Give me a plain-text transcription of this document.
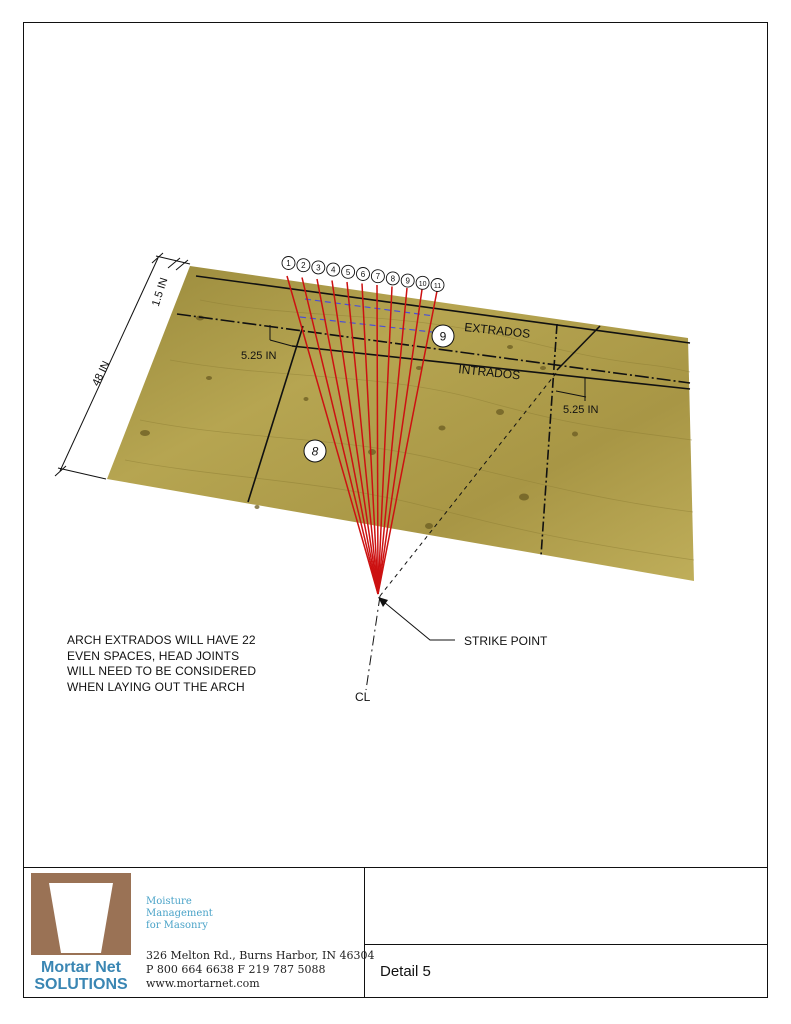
48 IN
1.5 IN
5.25 IN
5.25 IN
1 2 3 4 5 6 7 8 9 10 11
CL
STRIKE POINT
EXTRADOS
INTRADOS
8
9
ARCH EXTRADOS WILL HAVE 22
EVEN SPACES, HEAD JOINTS
WILL NEED TO BE CONSIDERED
WHEN LAYING OUT THE ARCH
Mortar Net
SOLUTIONS
Moisture
Management
for Masonry
326 Melton Rd., Burns Harbor, IN 46304
P 800 664 6638 F 219 787 5088
www.mortarnet.com
Detail 5
